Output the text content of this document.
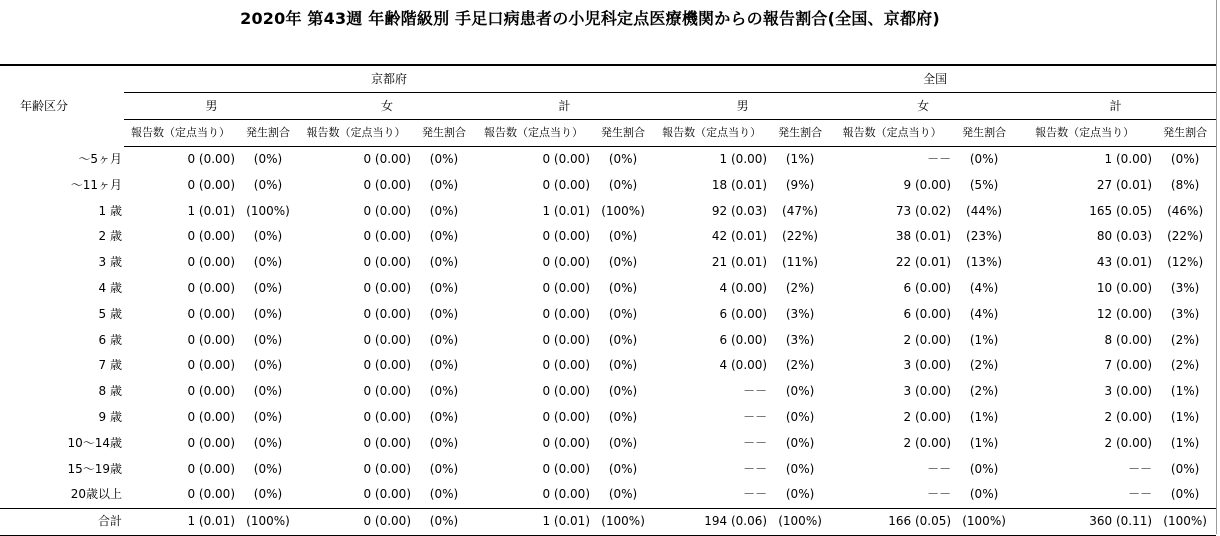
2020年 第43週 年齢階級別 手足口病患者の小児科定点医療機関からの報告割合(全国、京都府)
	京都府						全国					
年齢区分	男		女		計		男		女		計	
	報告数（定点当り）	発生割合	報告数（定点当り）	発生割合	報告数（定点当り）	発生割合	報告数（定点当り）	発生割合	報告数（定点当り）	発生割合	報告数（定点当り）	発生割合
～5ヶ月	0 (0.00)	(0%)	0 (0.00)	(0%)	0 (0.00)	(0%)	1 (0.00)	(1%)	－－	(0%)	1 (0.00)	(0%)
～11ヶ月	0 (0.00)	(0%)	0 (0.00)	(0%)	0 (0.00)	(0%)	18 (0.01)	(9%)	9 (0.00)	(5%)	27 (0.01)	(8%)
1 歳	1 (0.01)	(100%)	0 (0.00)	(0%)	1 (0.01)	(100%)	92 (0.03)	(47%)	73 (0.02)	(44%)	165 (0.05)	(46%)
2 歳	0 (0.00)	(0%)	0 (0.00)	(0%)	0 (0.00)	(0%)	42 (0.01)	(22%)	38 (0.01)	(23%)	80 (0.03)	(22%)
3 歳	0 (0.00)	(0%)	0 (0.00)	(0%)	0 (0.00)	(0%)	21 (0.01)	(11%)	22 (0.01)	(13%)	43 (0.01)	(12%)
4 歳	0 (0.00)	(0%)	0 (0.00)	(0%)	0 (0.00)	(0%)	4 (0.00)	(2%)	6 (0.00)	(4%)	10 (0.00)	(3%)
5 歳	0 (0.00)	(0%)	0 (0.00)	(0%)	0 (0.00)	(0%)	6 (0.00)	(3%)	6 (0.00)	(4%)	12 (0.00)	(3%)
6 歳	0 (0.00)	(0%)	0 (0.00)	(0%)	0 (0.00)	(0%)	6 (0.00)	(3%)	2 (0.00)	(1%)	8 (0.00)	(2%)
7 歳	0 (0.00)	(0%)	0 (0.00)	(0%)	0 (0.00)	(0%)	4 (0.00)	(2%)	3 (0.00)	(2%)	7 (0.00)	(2%)
8 歳	0 (0.00)	(0%)	0 (0.00)	(0%)	0 (0.00)	(0%)	－－	(0%)	3 (0.00)	(2%)	3 (0.00)	(1%)
9 歳	0 (0.00)	(0%)	0 (0.00)	(0%)	0 (0.00)	(0%)	－－	(0%)	2 (0.00)	(1%)	2 (0.00)	(1%)
10～14歳	0 (0.00)	(0%)	0 (0.00)	(0%)	0 (0.00)	(0%)	－－	(0%)	2 (0.00)	(1%)	2 (0.00)	(1%)
15～19歳	0 (0.00)	(0%)	0 (0.00)	(0%)	0 (0.00)	(0%)	－－	(0%)	－－	(0%)	－－	(0%)
20歳以上	0 (0.00)	(0%)	0 (0.00)	(0%)	0 (0.00)	(0%)	－－	(0%)	－－	(0%)	－－	(0%)
合計	1 (0.01)	(100%)	0 (0.00)	(0%)	1 (0.01)	(100%)	194 (0.06)	(100%)	166 (0.05)	(100%)	360 (0.11)	(100%)
